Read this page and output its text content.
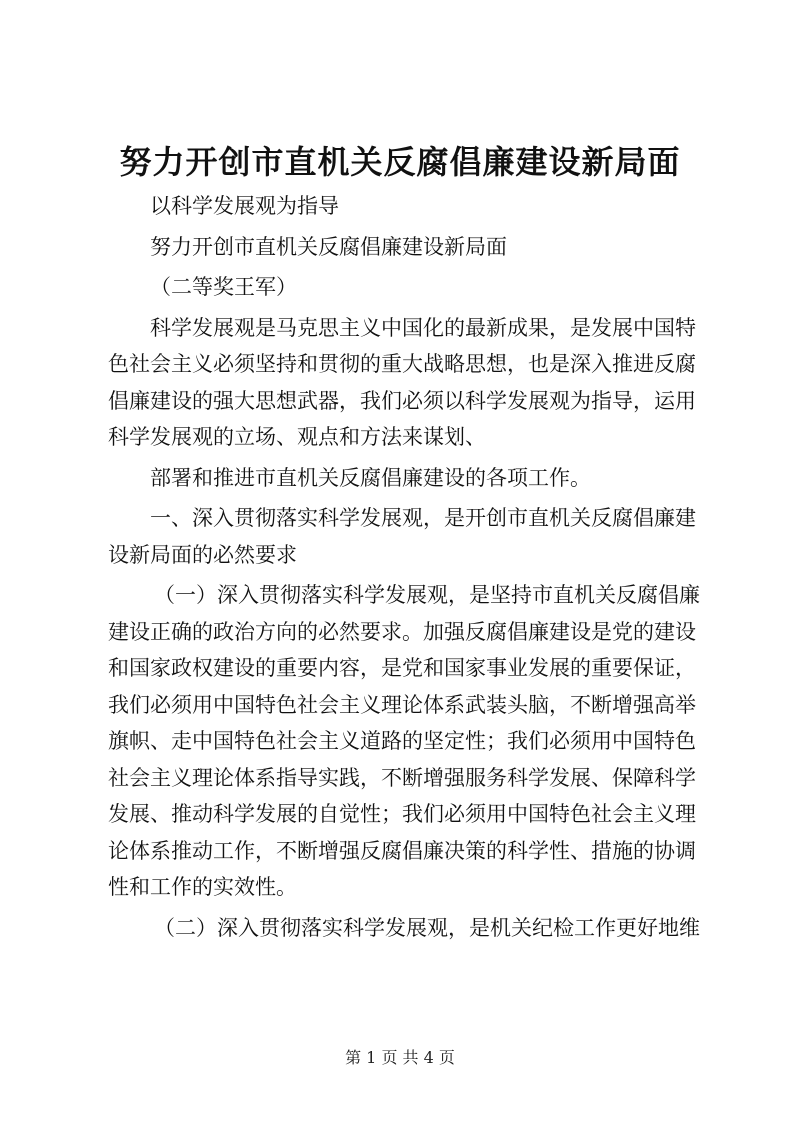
努力开创市直机关反腐倡廉建设新局面

以科学发展观为指导

努力开创市直机关反腐倡廉建设新局面

（二等奖王军）

科学发展观是马克思主义中国化的最新成果，是发展中国特

色社会主义必须坚持和贯彻的重大战略思想，也是深入推进反腐

倡廉建设的强大思想武器，我们必须以科学发展观为指导，运用

科学发展观的立场、观点和方法来谋划、

部署和推进市直机关反腐倡廉建设的各项工作。

一、深入贯彻落实科学发展观，是开创市直机关反腐倡廉建

设新局面的必然要求

（一）深入贯彻落实科学发展观，是坚持市直机关反腐倡廉

建设正确的政治方向的必然要求。加强反腐倡廉建设是党的建设

和国家政权建设的重要内容，是党和国家事业发展的重要保证，

我们必须用中国特色社会主义理论体系武装头脑，不断增强高举

旗帜、走中国特色社会主义道路的坚定性；我们必须用中国特色

社会主义理论体系指导实践，不断增强服务科学发展、保障科学

发展、推动科学发展的自觉性；我们必须用中国特色社会主义理

论体系推动工作，不断增强反腐倡廉决策的科学性、措施的协调

性和工作的实效性。

（二）深入贯彻落实科学发展观，是机关纪检工作更好地维

第 1 页 共 4 页
